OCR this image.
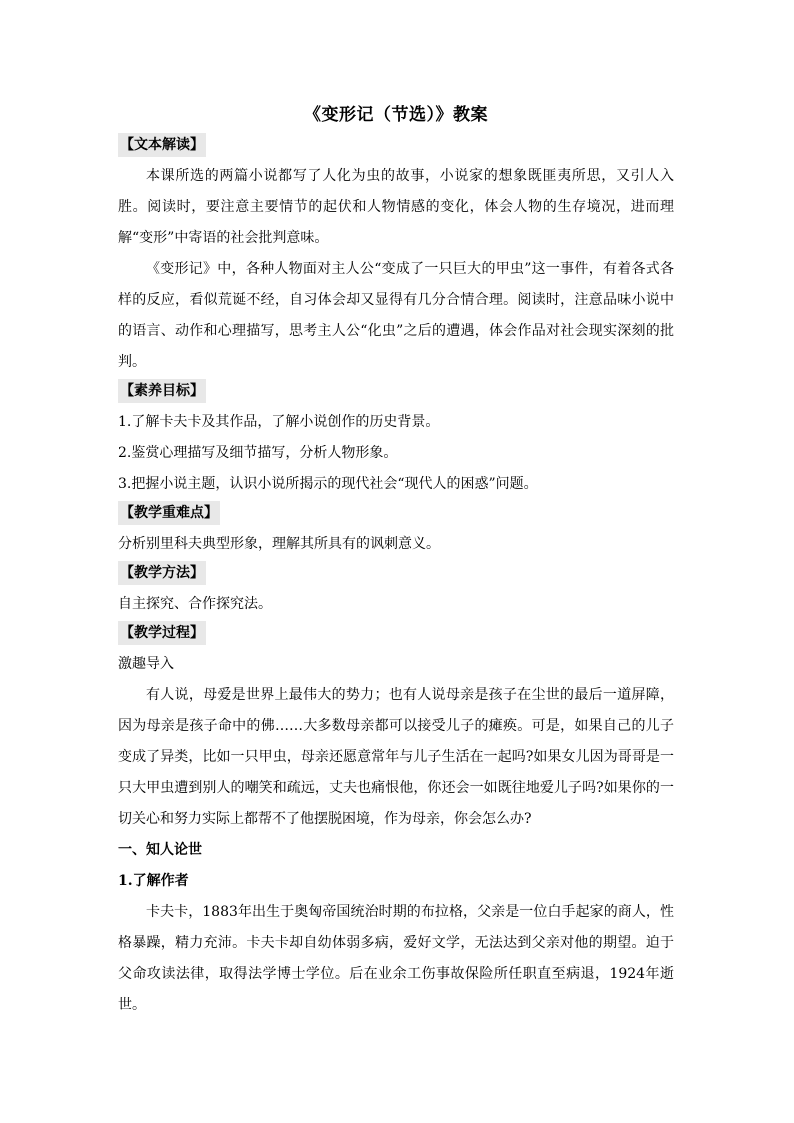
《变形记（节选）》教案
【文本解读】

本课所选的两篇小说都写了人化为虫的故事，小说家的想象既匪夷所思，又引人入胜。阅读时，要注意主要情节的起伏和人物情感的变化，体会人物的生存境况，进而理解“变形”中寄语的社会批判意味。

《变形记》中，各种人物面对主人公“变成了一只巨大的甲虫”这一事件，有着各式各样的反应，看似荒诞不经，自习体会却又显得有几分合情合理。阅读时，注意品味小说中的语言、动作和心理描写，思考主人公“化虫”之后的遭遇，体会作品对社会现实深刻的批判。

【素养目标】
1.了解卡夫卡及其作品，了解小说创作的历史背景。
2.鉴赏心理描写及细节描写，分析人物形象。
3.把握小说主题，认识小说所揭示的现代社会“现代人的困惑”问题。
【教学重难点】
分析别里科夫典型形象，理解其所具有的讽刺意义。
【教学方法】
自主探究、合作探究法。
【教学过程】
激趣导入

有人说，母爱是世界上最伟大的势力；也有人说母亲是孩子在尘世的最后一道屏障，因为母亲是孩子命中的佛……大多数母亲都可以接受儿子的瘫痪。可是，如果自己的儿子变成了异类，比如一只甲虫，母亲还愿意常年与儿子生活在一起吗?如果女儿因为哥哥是一只大甲虫遭到别人的嘲笑和疏远，丈夫也痛恨他，你还会一如既往地爱儿子吗?如果你的一切关心和努力实际上都帮不了他摆脱困境，作为母亲，你会怎么办?

一、知人论世
1.了解作者

卡夫卡，1883年出生于奥匈帝国统治时期的布拉格，父亲是一位白手起家的商人，性格暴躁，精力充沛。卡夫卡却自幼体弱多病，爱好文学，无法达到父亲对他的期望。迫于父命攻读法律，取得法学博士学位。后在业余工伤事故保险所任职直至病退，1924年逝世。
